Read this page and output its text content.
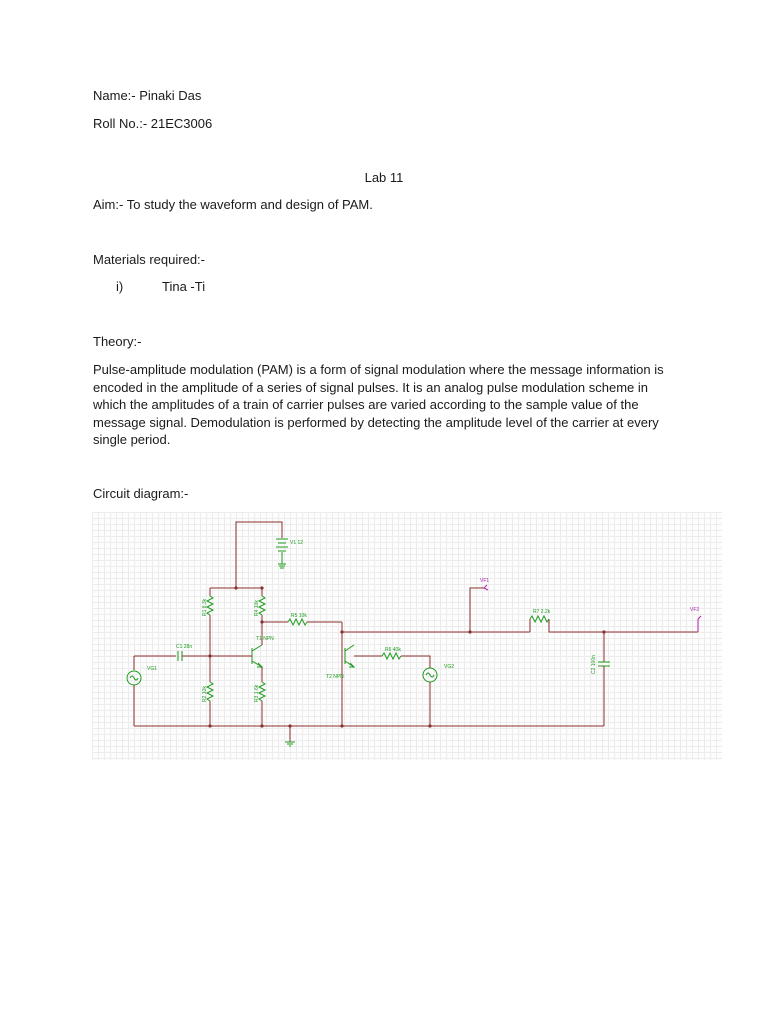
Name:- Pinaki Das
Roll No.:- 21EC3006
Lab 11
Aim:- To study the waveform and design of PAM.
Materials required:-
i)	Tina -Ti
Theory:-
Pulse-amplitude modulation (PAM) is a form of signal modulation where the message information is
encoded in the amplitude of a series of signal pulses. It is an analog pulse modulation scheme in
which the amplitudes of a train of carrier pulses are varied according to the sample value of the
message signal. Demodulation is performed by detecting the amplitude level of the carrier at every
single period.
Circuit diagram:-
V1 12
R1 8.3k
R2 10k
R4 10k
T1 NPN
R3 1.6k
C1 28n
VG1
R5 10k
T2 NPN
R6 40k
VG2
VF1
R7 2.2k	VF2
C2 100n
